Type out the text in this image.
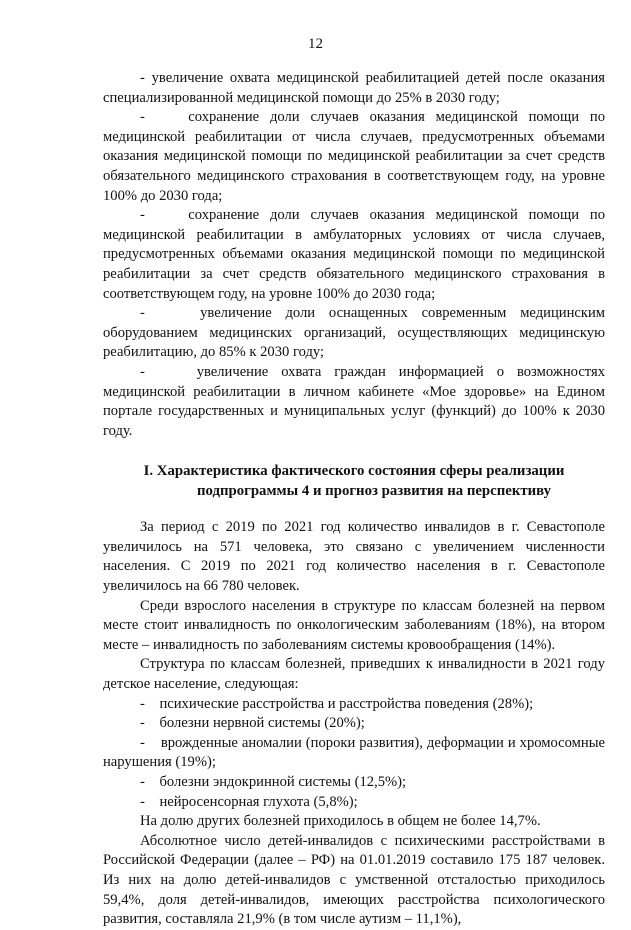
12

- увеличение охвата медицинской реабилитацией детей после оказания специализированной медицинской помощи до 25% в 2030 году;

-    сохранение доли случаев оказания медицинской помощи по медицинской реабилитации от числа случаев, предусмотренных объемами оказания медицинской помощи по медицинской реабилитации за счет средств обязательного медицинского страхования в соответствующем году, на уровне 100% до 2030 года;

-    сохранение доли случаев оказания медицинской помощи по медицинской реабилитации в амбулаторных условиях от числа случаев, предусмотренных объемами оказания медицинской помощи по медицинской реабилитации за счет средств обязательного медицинского страхования в соответствующем году, на уровне 100% до 2030 года;

-    увеличение доли оснащенных современным медицинским оборудованием медицинских организаций, осуществляющих медицинскую реабилитацию, до 85% к 2030 году;

-    увеличение охвата граждан информацией о возможностях медицинской реабилитации в личном кабинете «Мое здоровье» на Едином портале государственных и муниципальных услуг (функций) до 100% к 2030 году.

I. Характеристика фактического состояния сферы реализации
подпрограммы 4 и прогноз развития на перспективу

За период с 2019 по 2021 год количество инвалидов в г. Севастополе увеличилось на 571 человека, это связано с увеличением численности населения. С 2019 по 2021 год количество населения в г. Севастополе увеличилось на 66 780 человек.

Среди взрослого населения в структуре по классам болезней на первом месте стоит инвалидность по онкологическим заболеваниям (18%), на втором месте – инвалидность по заболеваниям системы кровообращения (14%).

Структура по классам болезней, приведших к инвалидности в 2021 году детское население, следующая:

-    психические расстройства и расстройства поведения (28%);

-    болезни нервной системы (20%);

-    врожденные аномалии (пороки развития), деформации и хромосомные нарушения (19%);

-    болезни эндокринной системы (12,5%);

-    нейросенсорная глухота (5,8%);

На долю других болезней приходилось в общем не более 14,7%.

Абсолютное число детей-инвалидов с психическими расстройствами в Российской Федерации (далее – РФ) на 01.01.2019 составило 175 187 человек. Из них на долю детей-инвалидов с умственной отсталостью приходилось 59,4%, доля детей-инвалидов, имеющих расстройства психологического развития, составляла 21,9% (в том числе аутизм – 11,1%),
